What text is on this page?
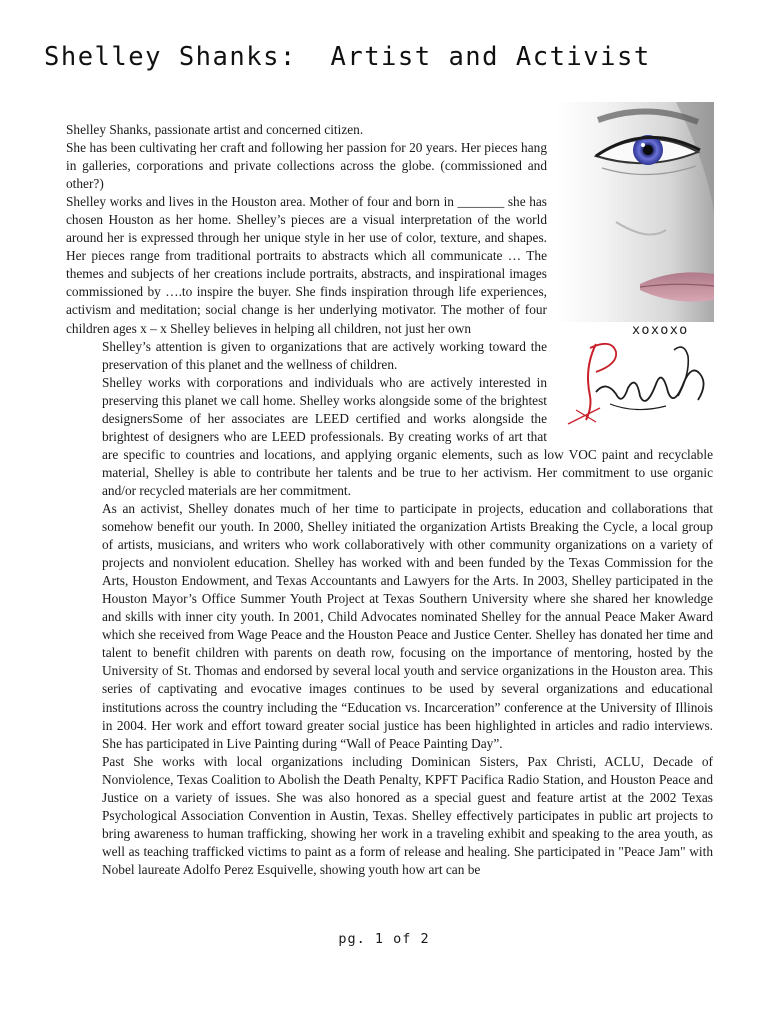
Shelley Shanks:  Artist and Activist

xoxoxo

Shelley Shanks, passionate artist and concerned citizen.

She has been cultivating her craft and following her passion for 20 years. Her pieces hang in galleries, corporations and private collections across the globe. (commissioned and other?)

Shelley works and lives in the Houston area. Mother of four and born in _______ she has chosen Houston as her home. Shelley’s pieces are a visual interpretation of the world around her is expressed through her unique style in her use of color, texture, and shapes. Her pieces range from traditional portraits to abstracts which all communicate … The themes and subjects of her creations include portraits, abstracts, and inspirational images commissioned by ….to inspire the buyer. She finds inspiration through life experiences, activism and meditation; social change is her underlying motivator. The mother of four children ages x – x Shelley believes in helping all children, not just her own

Shelley’s attention is given to organizations that are actively working toward the preservation of this planet and the wellness of children.

Shelley works with corporations and individuals who are actively interested in preserving this planet we call home. Shelley works alongside some of the brightest designersSome of her associates are LEED certified and works alongside the brightest of designers who are LEED professionals. By creating works of art that are specific to countries and locations, and applying organic elements, such as low VOC paint and recyclable material, Shelley is able to contribute her talents and be true to her activism. Her commitment to use organic and/or recycled materials are her commitment.

As an activist, Shelley donates much of her time to participate in projects, education and collaborations that somehow benefit our youth. In 2000, Shelley initiated the organization Artists Breaking the Cycle, a local group of artists, musicians, and writers who work collaboratively with other community organizations on a variety of projects and nonviolent education. Shelley has worked with and been funded by the Texas Commission for the Arts, Houston Endowment, and Texas Accountants and Lawyers for the Arts. In 2003, Shelley participated in the Houston Mayor’s Office Summer Youth Project at Texas Southern University where she shared her knowledge and skills with inner city youth. In 2001, Child Advocates nominated Shelley for the annual Peace Maker Award which she received from Wage Peace and the Houston Peace and Justice Center. Shelley has donated her time and talent to benefit children with parents on death row, focusing on the importance of mentoring, hosted by the University of St. Thomas and endorsed by several local youth and service organizations in the Houston area. This series of captivating and evocative images continues to be used by several organizations and educational institutions across the country including the “Education vs. Incarceration” conference at the University of Illinois in 2004. Her work and effort toward greater social justice has been highlighted in articles and radio interviews. She has participated in Live Painting during “Wall of Peace Painting Day”.

Past She works with local organizations including Dominican Sisters, Pax Christi, ACLU, Decade of Nonviolence, Texas Coalition to Abolish the Death Penalty, KPFT Pacifica Radio Station, and Houston Peace and Justice on a variety of issues. She was also honored as a special guest and feature artist at the 2002 Texas Psychological Association Convention in Austin, Texas. Shelley effectively participates in public art projects to bring awareness to human trafficking, showing her work in a traveling exhibit and speaking to the area youth, as well as teaching trafficked victims to paint as a form of release and healing. She participated in "Peace Jam" with Nobel laureate Adolfo Perez Esquivelle, showing youth how art can be

pg. 1 of 2
